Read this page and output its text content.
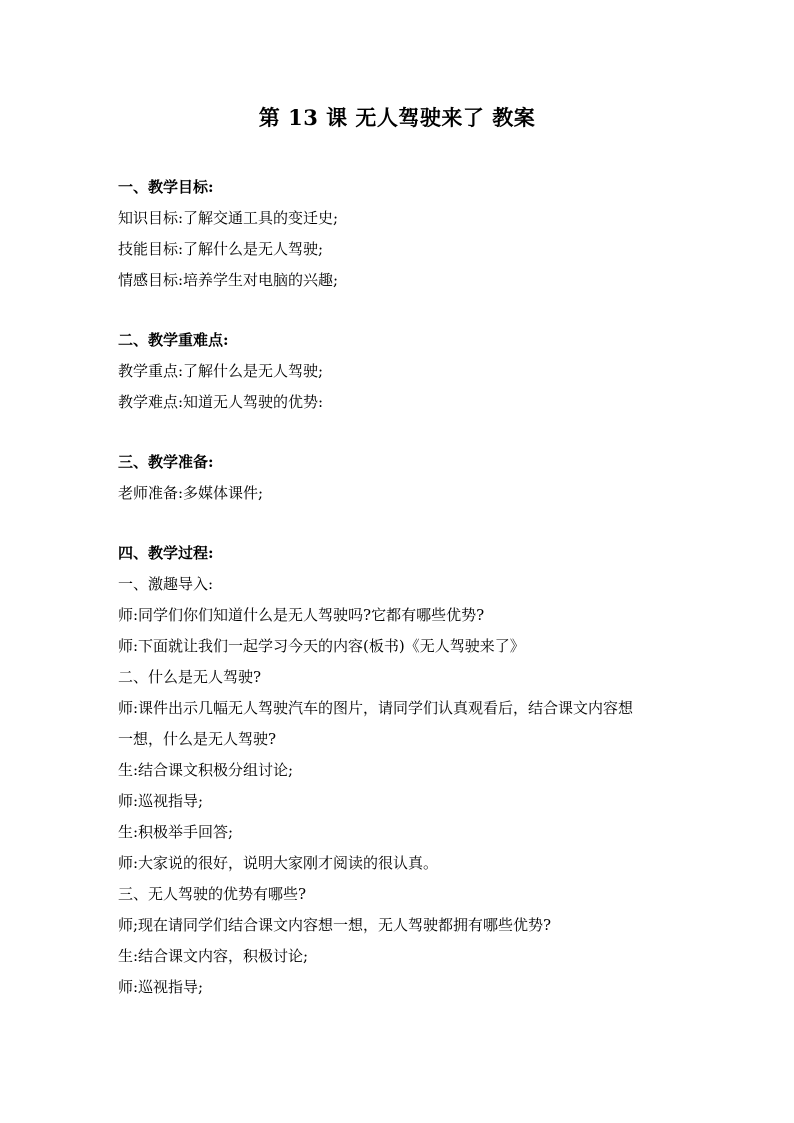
第 13 课 无人驾驶来了 教案
一、教学目标:
知识目标:了解交通工具的变迁史;
技能目标:了解什么是无人驾驶;
情感目标:培养学生对电脑的兴趣;
二、教学重难点:
教学重点:了解什么是无人驾驶;
教学难点:知道无人驾驶的优势:
三、教学准备:
老师准备:多媒体课件;
四、教学过程:
一、激趣导入:
师:同学们你们知道什么是无人驾驶吗?它都有哪些优势?
师:下面就让我们一起学习今天的内容(板书)《无人驾驶来了》
二、什么是无人驾驶?
师:课件出示几幅无人驾驶汽车的图片，请同学们认真观看后，结合课文内容想
一想，什么是无人驾驶?
生:结合课文积极分组讨论;
师:巡视指导;
生:积极举手回答;
师:大家说的很好，说明大家刚才阅读的很认真。
三、无人驾驶的优势有哪些?
师;现在请同学们结合课文内容想一想，无人驾驶都拥有哪些优势?
生:结合课文内容，积极讨论;
师:巡视指导;
